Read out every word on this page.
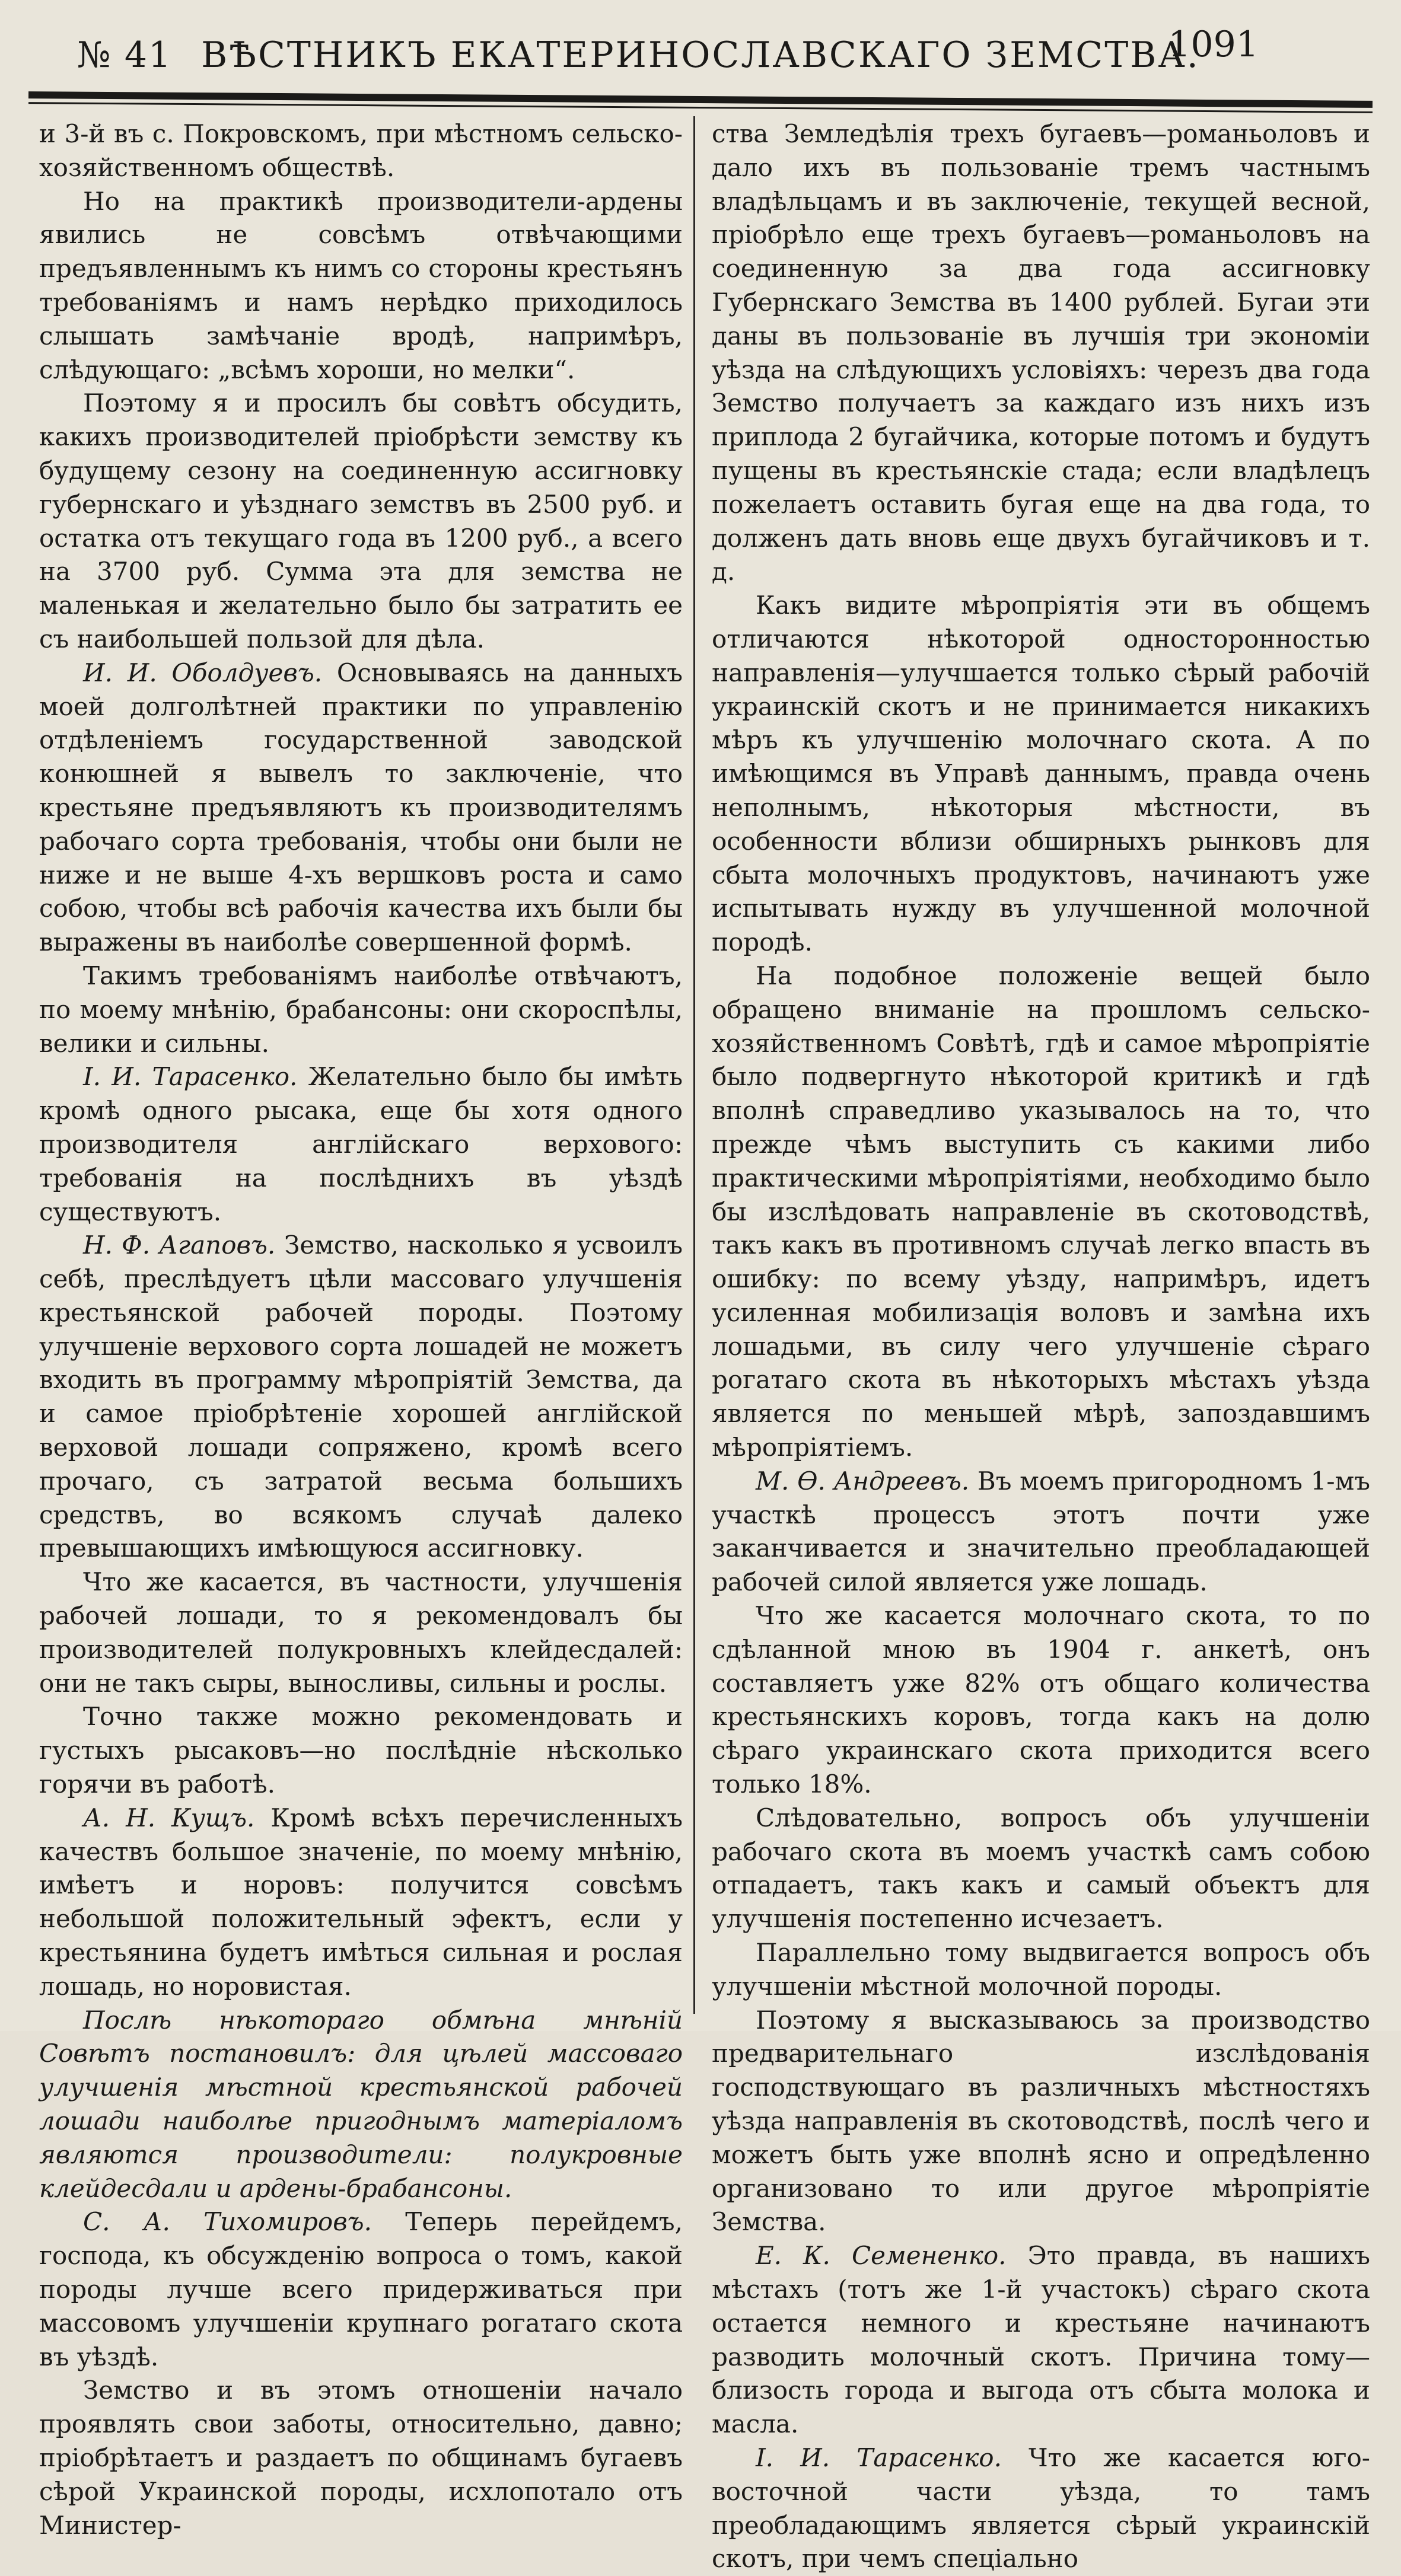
№ 41 ВѢСТНИКЪ ЕКАТЕРИНОСЛАВСКАГО ЗЕМСТВА.
1091

и 3-й въ с. Покровскомъ, при мѣстномъ сельско-хозяйственномъ обществѣ.

Но на практикѣ производители-ардены явились не совсѣмъ отвѣчающими предъявленнымъ къ нимъ со стороны крестьянъ требованіямъ и намъ нерѣдко приходилось слышать замѣчаніе вродѣ, напримѣръ, слѣдующаго: „всѣмъ хороши, но мелки“.

Поэтому я и просилъ бы совѣтъ обсудить, какихъ производителей пріобрѣсти земству къ будущему сезону на соединенную ассигновку губернскаго и уѣзднаго земствъ въ 2500 руб. и остатка отъ текущаго года въ 1200 руб., а всего на 3700 руб. Сумма эта для земства не маленькая и желательно было бы затратить ее съ наибольшей пользой для дѣла.

И. И. Оболдуевъ. Основываясь на данныхъ моей долголѣтней практики по управленію отдѣленіемъ государственной заводской конюшней я вывелъ то заключеніе, что крестьяне предъявляютъ къ производителямъ рабочаго сорта требованія, чтобы они были не ниже и не выше 4-хъ вершковъ роста и само собою, чтобы всѣ рабочія качества ихъ были бы выражены въ наиболѣе совершенной формѣ.

Такимъ требованіямъ наиболѣе отвѣчаютъ, по моему мнѣнію, брабансоны: они скороспѣлы, велики и сильны.

І. И. Тарасенко. Желательно было бы имѣть кромѣ одного рысака, еще бы хотя одного производителя англійскаго верхового: требованія на послѣднихъ въ уѣздѣ существуютъ.

Н. Ф. Агаповъ. Земство, насколько я усвоилъ себѣ, преслѣдуетъ цѣли массоваго улучшенія крестьянской рабочей породы. Поэтому улучшеніе верхового сорта лошадей не можетъ входить въ программу мѣропріятій Земства, да и самое пріобрѣтеніе хорошей англійской верховой лошади сопряжено, кромѣ всего прочаго, съ затратой весьма большихъ средствъ, во всякомъ случаѣ далеко превышающихъ имѣющуюся ассигновку.

Что же касается, въ частности, улучшенія рабочей лошади, то я рекомендовалъ бы производителей полукровныхъ клейдесдалей: они не такъ сыры, выносливы, сильны и рослы.

Точно также можно рекомендовать и густыхъ рысаковъ—но послѣдніе нѣсколько горячи въ работѣ.

А. Н. Кущъ. Кромѣ всѣхъ перечисленныхъ качествъ большое значеніе, по моему мнѣнію, имѣетъ и норовъ: получится совсѣмъ небольшой положительный эфектъ, если у крестьянина будетъ имѣться сильная и рослая лошадь, но норовистая.

Послѣ нѣкотораго обмѣна мнѣній Совѣтъ постановилъ: для цѣлей массоваго улучшенія мѣстной крестьянской рабочей лошади наиболѣе пригоднымъ матеріаломъ являются производители: полукровные клейдесдали и ардены-брабансоны.

С. А. Тихомировъ. Теперь перейдемъ, господа, къ обсужденію вопроса о томъ, какой породы лучше всего придерживаться при массовомъ улучшеніи крупнаго рогатаго скота въ уѣздѣ.

Земство и въ этомъ отношеніи начало проявлять свои заботы, относительно, давно; пріобрѣтаетъ и раздаетъ по общинамъ бугаевъ сѣрой Украинской породы, исхлопотало отъ Министер-

ства Земледѣлія трехъ бугаевъ—романьоловъ и дало ихъ въ пользованіе тремъ частнымъ владѣльцамъ и въ заключеніе, текущей весной, пріобрѣло еще трехъ бугаевъ—романьоловъ на соединенную за два года ассигновку Губернскаго Земства въ 1400 рублей. Бугаи эти даны въ пользованіе въ лучшія три экономіи уѣзда на слѣдующихъ условіяхъ: черезъ два года Земство получаетъ за каждаго изъ нихъ изъ приплода 2 бугайчика, которые потомъ и будутъ пущены въ крестьянскіе стада; если владѣлецъ пожелаетъ оставить бугая еще на два года, то долженъ дать вновь еще двухъ бугайчиковъ и т. д.

Какъ видите мѣропріятія эти въ общемъ отличаются нѣкоторой односторонностью направленія—улучшается только сѣрый рабочій украинскій скотъ и не принимается никакихъ мѣръ къ улучшенію молочнаго скота. А по имѣющимся въ Управѣ даннымъ, правда очень неполнымъ, нѣкоторыя мѣстности, въ особенности вблизи обширныхъ рынковъ для сбыта молочныхъ продуктовъ, начинаютъ уже испытывать нужду въ улучшенной молочной породѣ.

На подобное положеніе вещей было обращено вниманіе на прошломъ сельско-хозяйственномъ Совѣтѣ, гдѣ и самое мѣропріятіе было подвергнуто нѣкоторой критикѣ и гдѣ вполнѣ справедливо указывалось на то, что прежде чѣмъ выступить съ какими либо практическими мѣропріятіями, необходимо было бы изслѣдовать направленіе въ скотоводствѣ, такъ какъ въ противномъ случаѣ легко впасть въ ошибку: по всему уѣзду, напримѣръ, идетъ усиленная мобилизація воловъ и замѣна ихъ лошадьми, въ силу чего улучшеніе сѣраго рогатаго скота въ нѣкоторыхъ мѣстахъ уѣзда является по меньшей мѣрѣ, запоздавшимъ мѣропріятіемъ.

М. Ѳ. Андреевъ. Въ моемъ пригородномъ 1-мъ участкѣ процессъ этотъ почти уже заканчивается и значительно преобладающей рабочей силой является уже лошадь.

Что же касается молочнаго скота, то по сдѣланной мною въ 1904 г. анкетѣ, онъ составляетъ уже 82% отъ общаго количества крестьянскихъ коровъ, тогда какъ на долю сѣраго украинскаго скота приходится всего только 18%.

Слѣдовательно, вопросъ объ улучшеніи рабочаго скота въ моемъ участкѣ самъ собою отпадаетъ, такъ какъ и самый объектъ для улучшенія постепенно исчезаетъ.

Параллельно тому выдвигается вопросъ объ улучшеніи мѣстной молочной породы.

Поэтому я высказываюсь за производство предварительнаго изслѣдованія господствующаго въ различныхъ мѣстностяхъ уѣзда направленія въ скотоводствѣ, послѣ чего и можетъ быть уже вполнѣ ясно и опредѣленно организовано то или другое мѣропріятіе Земства.

Е. К. Семененко. Это правда, въ нашихъ мѣстахъ (тотъ же 1-й участокъ) сѣраго скота остается немного и крестьяне начинаютъ разводить молочный скотъ. Причина тому—близость города и выгода отъ сбыта молока и масла.

І. И. Тарасенко. Что же касается юго-восточной части уѣзда, то тамъ преобладающимъ является сѣрый украинскій скотъ, при чемъ спеціально
